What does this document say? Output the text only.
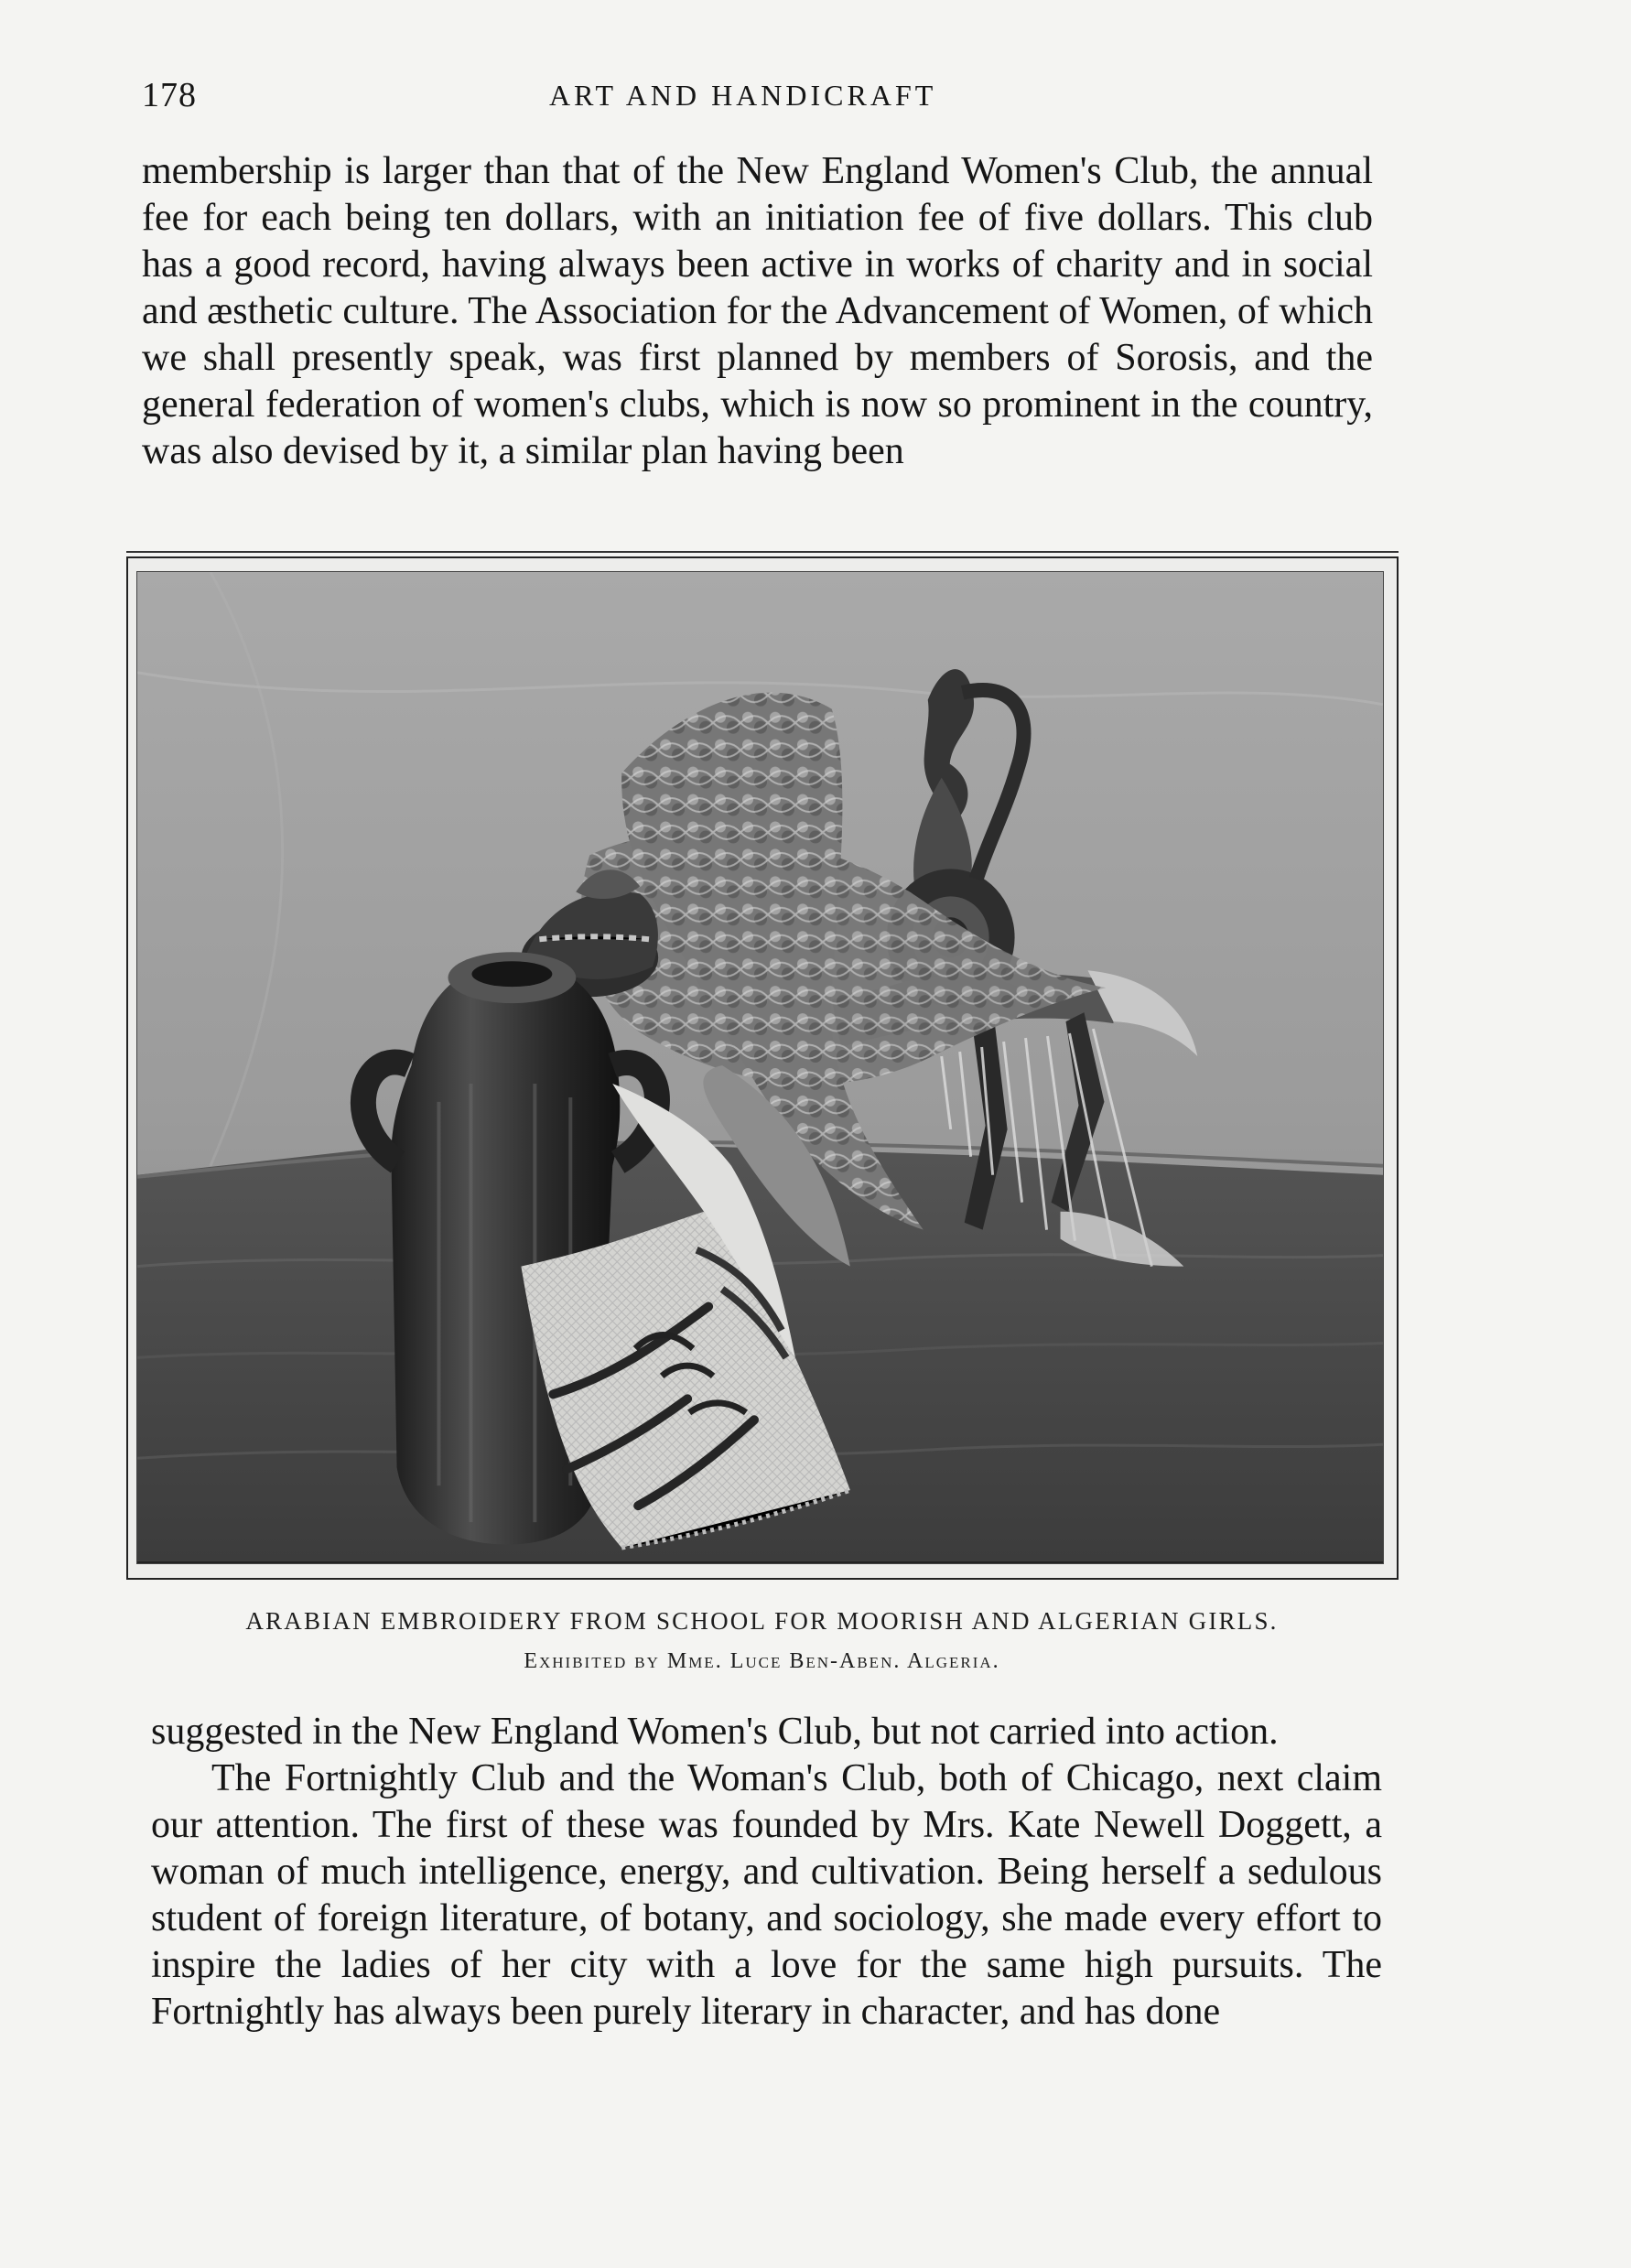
178	ART AND HANDICRAFT

membership is larger than that of the New England Women's Club, the annual fee for each being ten dollars, with an initiation fee of five dollars. This club has a good record, having always been active in works of charity and in social and æsthetic culture. The Association for the Advancement of Women, of which we shall presently speak, was first planned by members of Sorosis, and the general federation of women's clubs, which is now so prominent in the country, was also devised by it, a similar plan having been

ARABIAN EMBROIDERY FROM SCHOOL FOR MOORISH AND ALGERIAN GIRLS.
Exhibited by Mme. Luce Ben-Aben. Algeria.

suggested in the New England Women's Club, but not carried into action.

The Fortnightly Club and the Woman's Club, both of Chicago, next claim our attention. The first of these was founded by Mrs. Kate Newell Doggett, a woman of much intelligence, energy, and cultivation. Being herself a sedulous student of foreign literature, of botany, and sociology, she made every effort to inspire the ladies of her city with a love for the same high pursuits. The Fortnightly has always been purely literary in character, and has done
